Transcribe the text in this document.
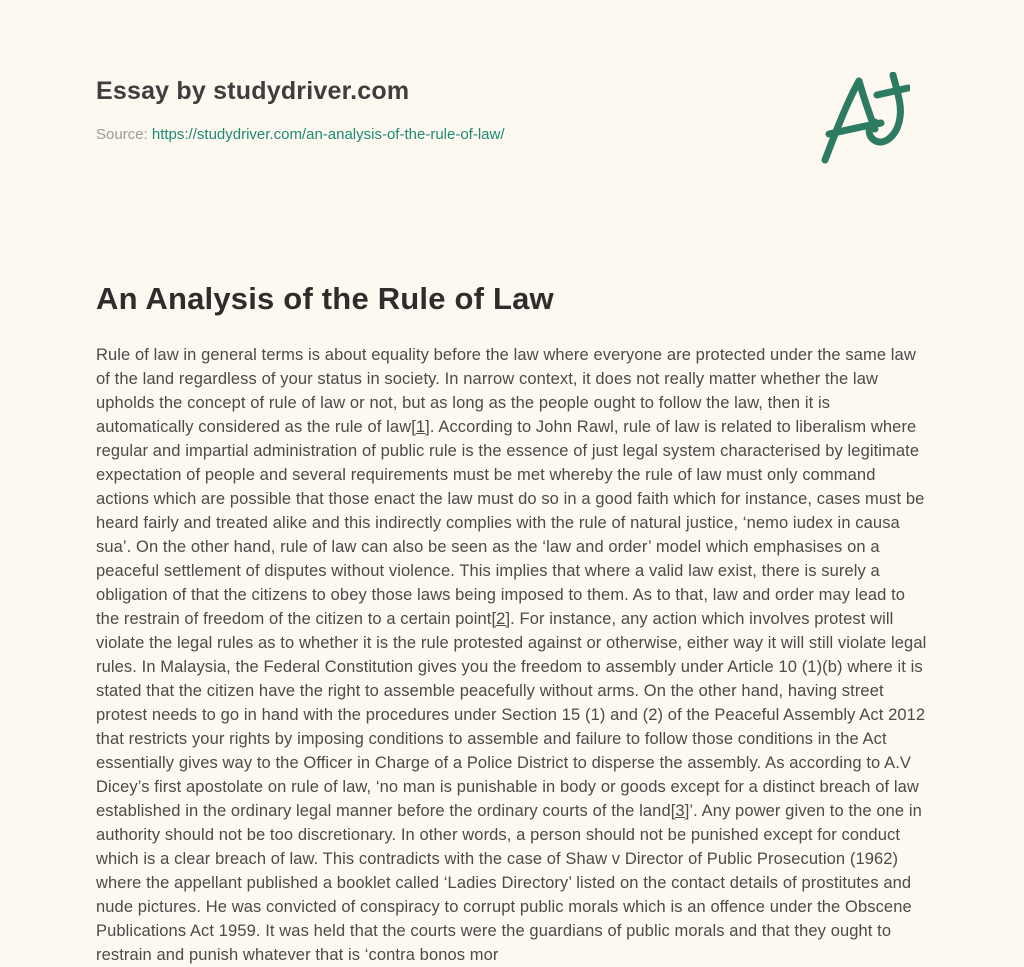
Essay by studydriver.com
Source: https://studydriver.com/an-analysis-of-the-rule-of-law/
An Analysis of the Rule of Law
Rule of law in general terms is about equality before the law where everyone are protected under the same law of the land regardless of your status in society. In narrow context, it does not really matter whether the law upholds the concept of rule of law or not, but as long as the people ought to follow the law, then it is automatically considered as the rule of law[1]. According to John Rawl, rule of law is related to liberalism where regular and impartial administration of public rule is the essence of just legal system characterised by legitimate expectation of people and several requirements must be met whereby the rule of law must only command actions which are possible that those enact the law must do so in a good faith which for instance, cases must be heard fairly and treated alike and this indirectly complies with the rule of natural justice, ‘nemo iudex in causa sua’. On the other hand, rule of law can also be seen as the ‘law and order’ model which emphasises on a peaceful settlement of disputes without violence. This implies that where a valid law exist, there is surely a obligation of that the citizens to obey those laws being imposed to them. As to that, law and order may lead to the restrain of freedom of the citizen to a certain point[2]. For instance, any action which involves protest will violate the legal rules as to whether it is the rule protested against or otherwise, either way it will still violate legal rules. In Malaysia, the Federal Constitution gives you the freedom to assembly under Article 10 (1)(b) where it is stated that the citizen have the right to assemble peacefully without arms. On the other hand, having street protest needs to go in hand with the procedures under Section 15 (1) and (2) of the Peaceful Assembly Act 2012 that restricts your rights by imposing conditions to assemble and failure to follow those conditions in the Act essentially gives way to the Officer in Charge of a Police District to disperse the assembly. As according to A.V Dicey’s first apostolate on rule of law, ‘no man is punishable in body or goods except for a distinct breach of law established in the ordinary legal manner before the ordinary courts of the land[3]’. Any power given to the one in authority should not be too discretionary. In other words, a person should not be punished except for conduct which is a clear breach of law. This contradicts with the case of Shaw v Director of Public Prosecution (1962) where the appellant published a booklet called ‘Ladies Directory’ listed on the contact details of prostitutes and nude pictures. He was convicted of conspiracy to corrupt public morals which is an offence under the Obscene Publications Act 1959. It was held that the courts were the guardians of public morals and that they ought to restrain and punish whatever that is ‘contra bonos mor
